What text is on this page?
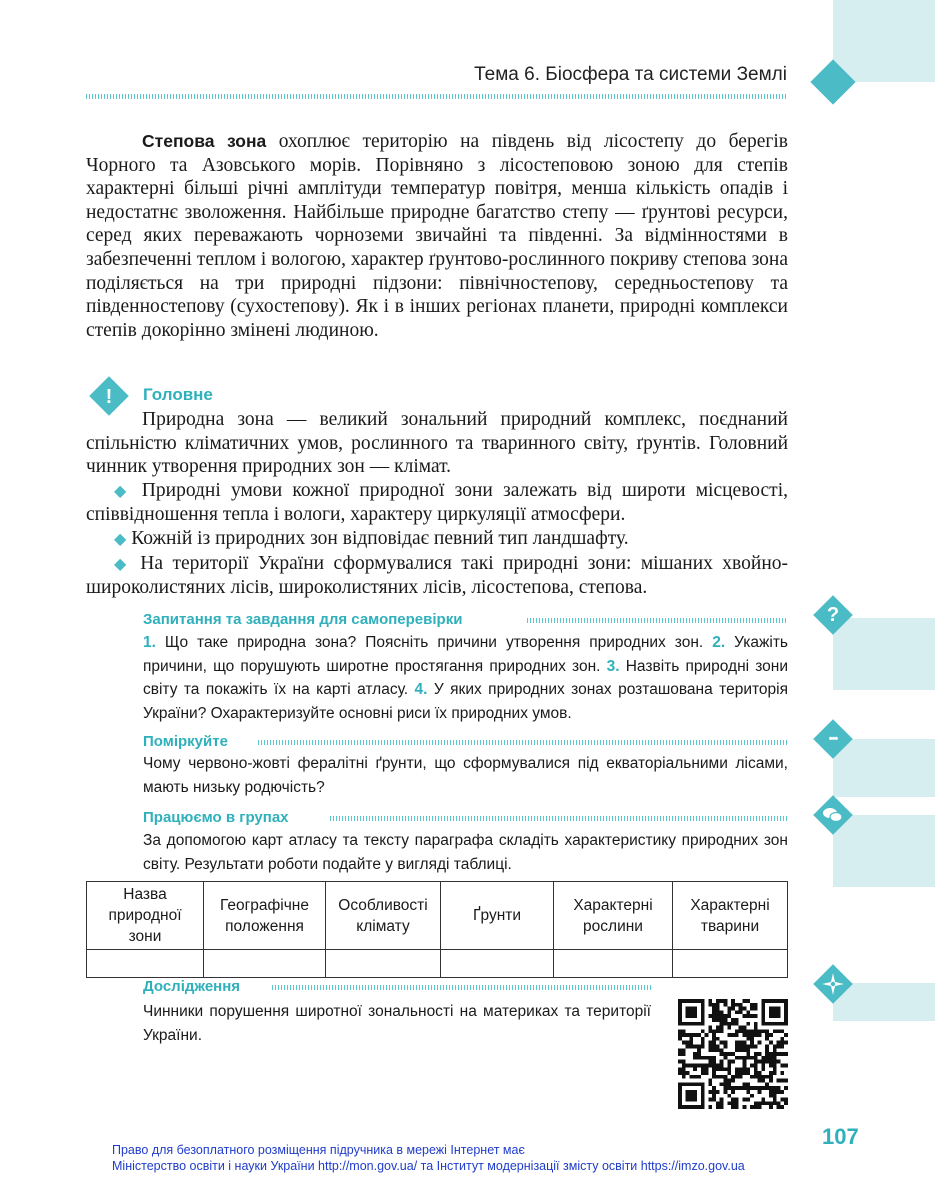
Тема 6. Біосфера та системи Землі
Степова зона охоплює територію на південь від лісостепу до берегів Чорного та Азовського морів. Порівняно з лісостеповою зоною для степів характерні більші річні амплітуди температур повітря, менша кількість опадів і недостатнє зволоження. Найбільше природне багатство степу — ґрунтові ресурси, серед яких переважають чорноземи звичайні та південні. За відмінностями в забезпеченні теплом і вологою, характер ґрунтово-рослинного покриву степова зона поділяється на три природні підзони: північностепову, середньостепову та південностепову (сухостепову). Як і в інших регіонах планети, природні комплекси степів докорінно змінені людиною.
!	Головне

Природна зона — великий зональний природний комплекс, поєднаний спільністю кліматичних умов, рослинного та тваринного світу, ґрунтів. Головний чинник утворення природних зон — клімат.

◆ Природні умови кожної природної зони залежать від широти місцевості, співвідношення тепла і вологи, характеру циркуляції атмосфери.

◆ Кожній із природних зон відповідає певний тип ландшафту.

◆ На території України сформувалися такі природні зони: мішаних хвойно-широколистяних лісів, широколистяних лісів, лісостепова, степова.

Запитання та завдання для самоперевірки	?
1. Що таке природна зона? Поясніть причини утворення природних зон. 2. Укажіть причини, що порушують широтне простягання природних зон. 3. Назвіть природні зони світу та покажіть їх на карті атласу. 4. У яких природних зонах розташована територія України? Охарактеризуйте основні риси їх природних умов.
Поміркуйте	•••
Чому червоно-жовті фералітні ґрунти, що сформувалися під екваторіальними лісами, мають низьку родючість?
Працюємо в групах
За допомогою карт атласу та тексту параграфа складіть характеристику природних зон світу. Результати роботи подайте у вигляді таблиці.
Назва природної зони	Географічне положення	Особливості клімату	Ґрунти	Характерні рослини	Характерні тварини

Дослідження
Чинники порушення широтної зональності на материках та території України.
107
Право для безоплатного розміщення підручника в мережі Інтернет має
Міністерство освіти і науки України http://mon.gov.ua/ та Інститут модернізації змісту освіти https://imzo.gov.ua
